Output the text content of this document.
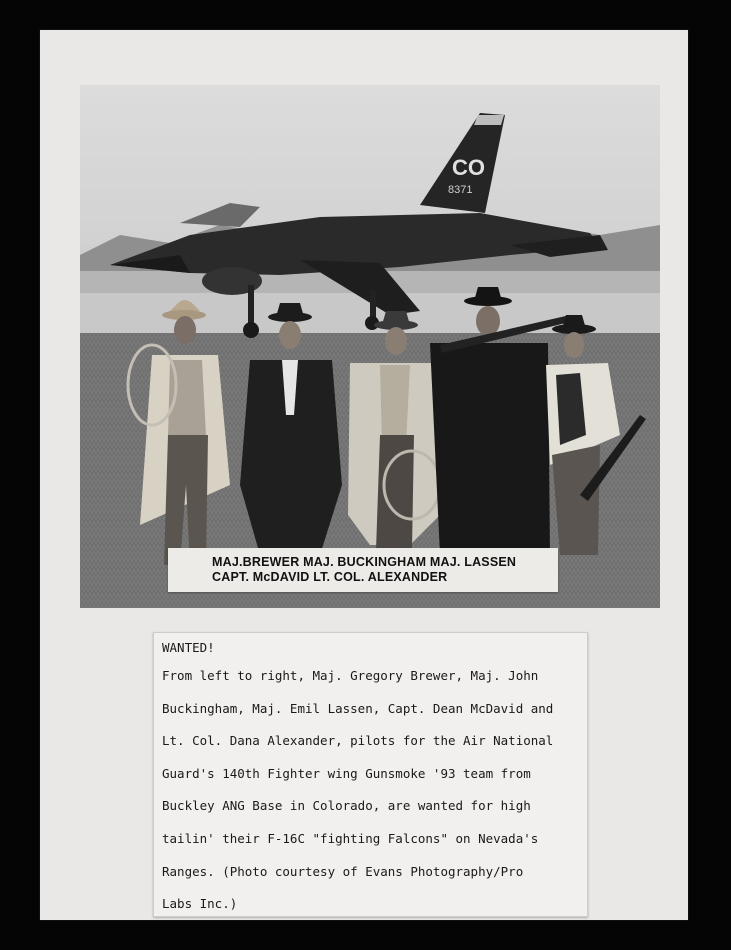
CO
8371
MAJ.BREWER MAJ. BUCKINGHAM MAJ. LASSEN
CAPT. McDAVID LT. COL. ALEXANDER
WANTED!
From left to right, Maj. Gregory Brewer, Maj. John
Buckingham, Maj. Emil Lassen, Capt. Dean McDavid and
Lt. Col. Dana Alexander, pilots for the Air National
Guard's 140th Fighter wing Gunsmoke '93 team from
Buckley ANG Base in Colorado, are wanted for high
tailin' their F-16C "fighting Falcons" on Nevada's
Ranges. (Photo courtesy of Evans Photography/Pro
Labs Inc.)
